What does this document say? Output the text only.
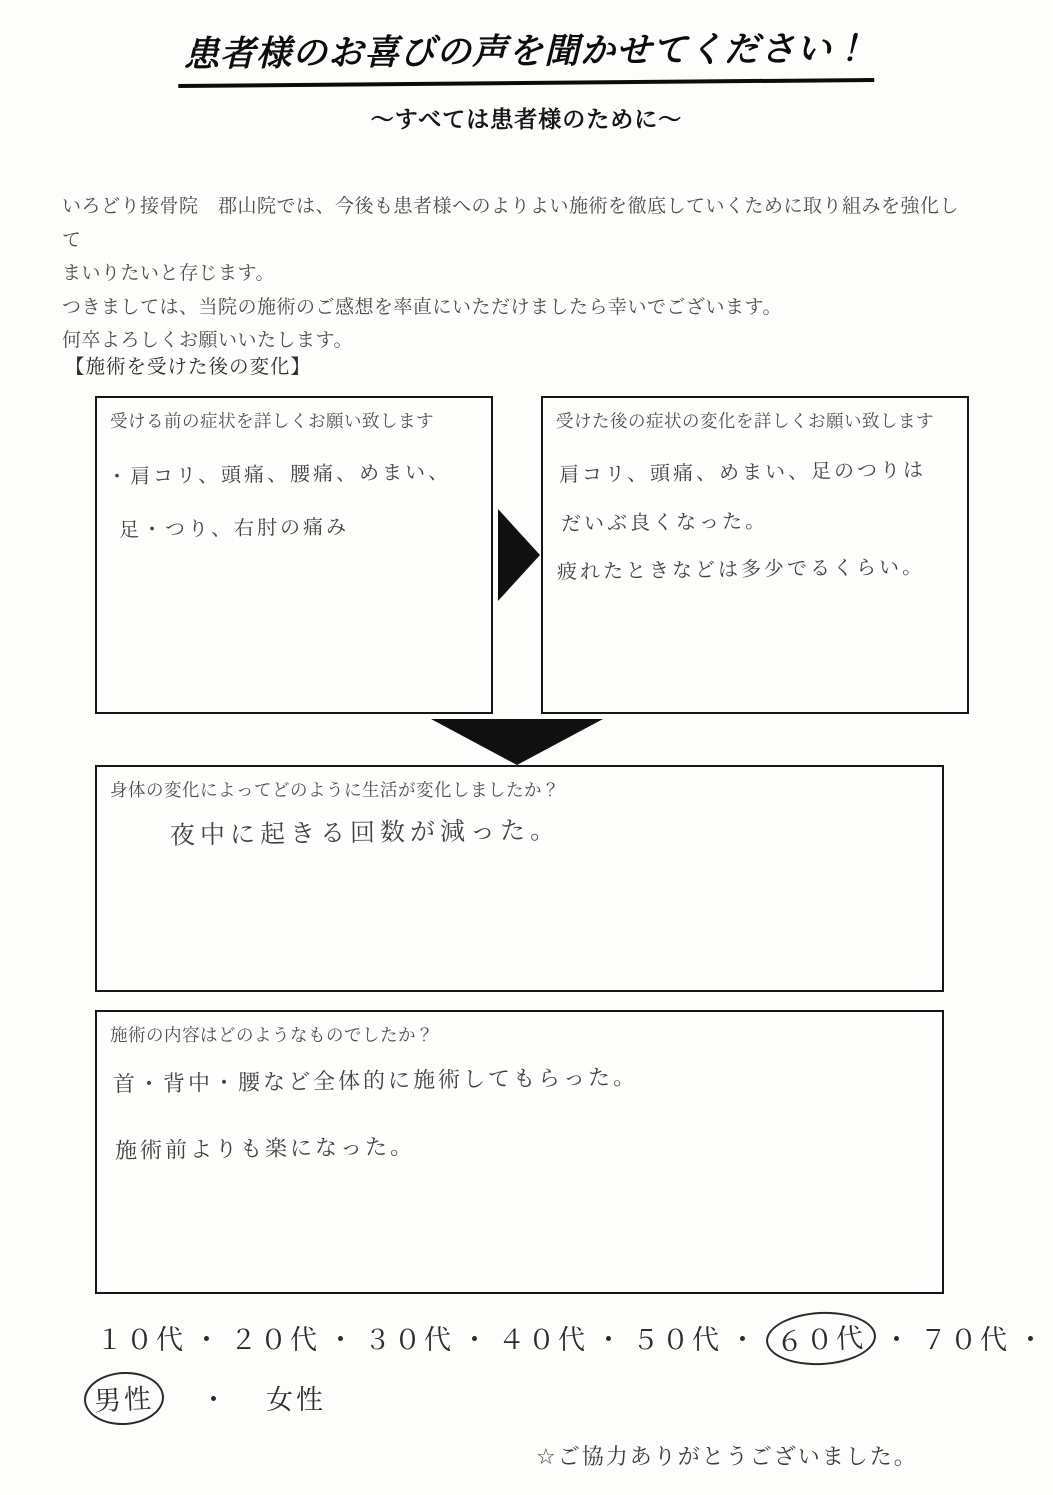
患者様のお喜びの声を聞かせてください！
～すべては患者様のために～
いろどり接骨院　郡山院では、今後も患者様へのよりよい施術を徹底していくために取り組みを強化して
まいりたいと存じます。
つきましては、当院の施術のご感想を率直にいただけましたら幸いでございます。
何卒よろしくお願いいたします。
【施術を受けた後の変化】
受ける前の症状を詳しくお願い致します
・肩コリ、頭痛、腰痛、めまい、
足・つり、右肘の痛み
受けた後の症状の変化を詳しくお願い致します
肩コリ、頭痛、めまい、足のつりは
だいぶ良くなった。
疲れたときなどは多少でるくらい。
身体の変化によってどのように生活が変化しましたか？
夜中に起きる回数が減った。
施術の内容はどのようなものでしたか？
首・背中・腰など全体的に施術してもらった。
施術前よりも楽になった。
１０代 ・ ２０代 ・ ３０代 ・ ４０代 ・ ５０代 ・ ６０代 ・ ７０代 ・
男性 ・ 女性
☆ご協力ありがとうございました。
